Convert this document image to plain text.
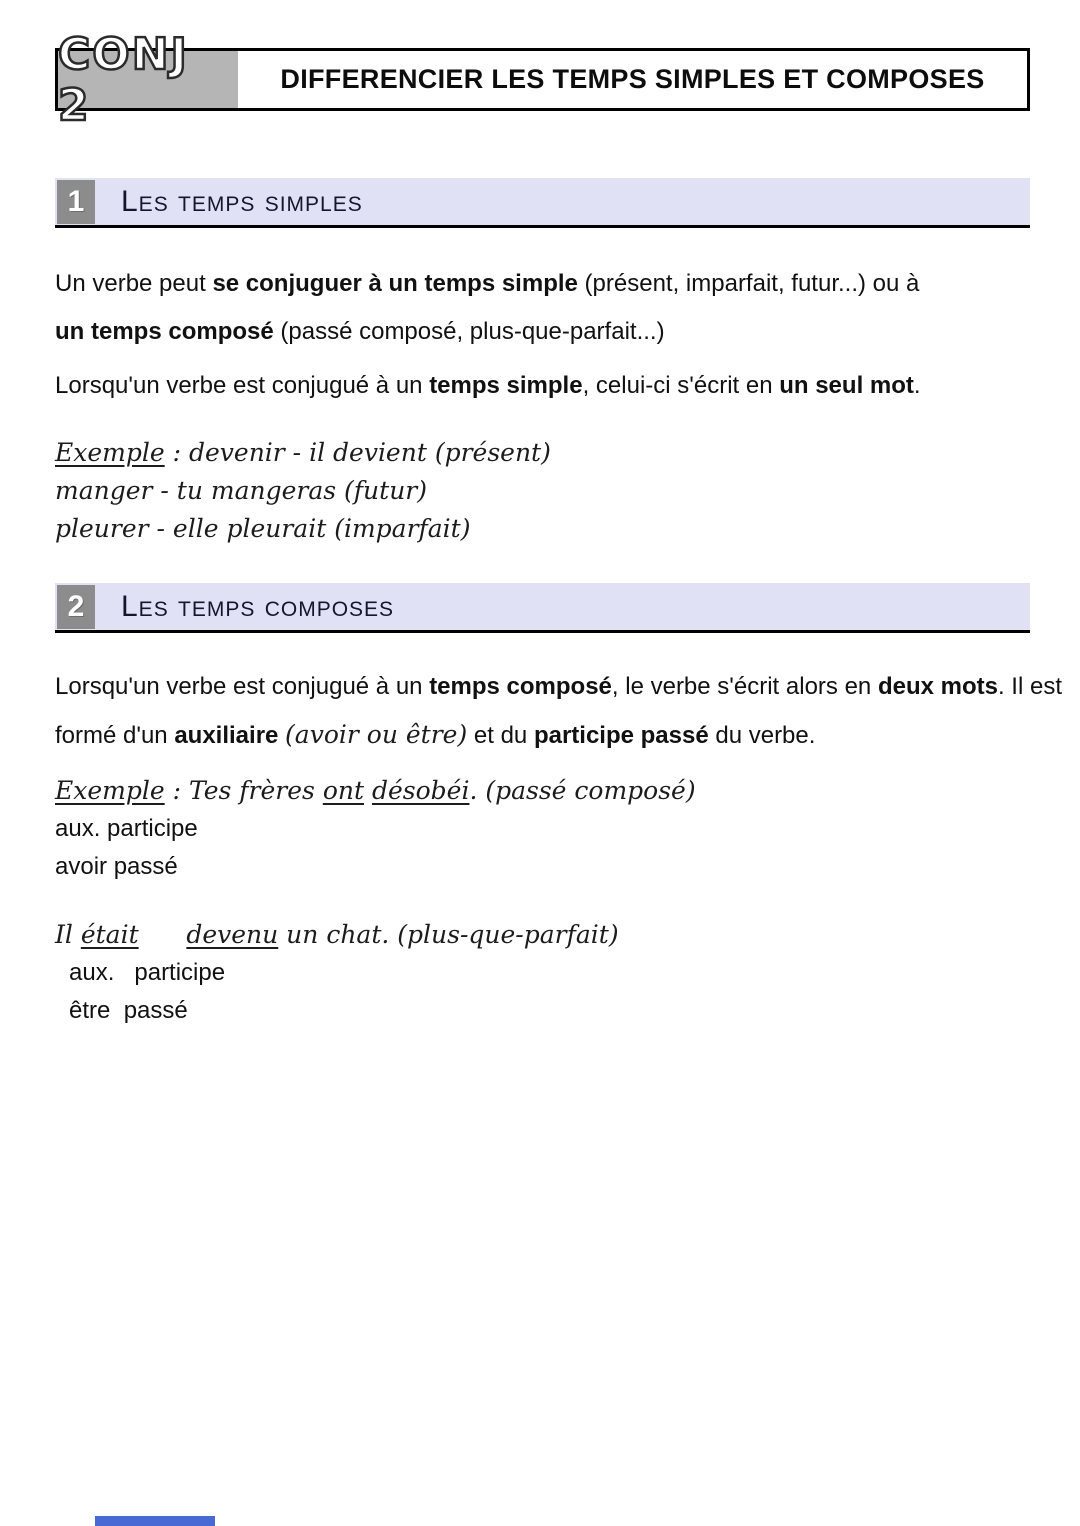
CONJ 2
DIFFERENCIER LES TEMPS SIMPLES ET COMPOSES
1	Les temps simples
Un verbe peut se conjuguer à un temps simple (présent, imparfait, futur...) ou à
un temps composé (passé composé, plus-que-parfait...)
Lorsqu'un verbe est conjugué à un temps simple, celui-ci s'écrit en un seul mot.
Exemple : devenir - il devient (présent)
manger - tu mangeras (futur)
pleurer - elle pleurait (imparfait)
2	Les temps composes
Lorsqu'un verbe est conjugué à un temps composé, le verbe s'écrit alors en deux mots. Il est
formé d'un auxiliaire (avoir ou être) et du participe passé du verbe.
Exemple : Tes frères ont désobéi. (passé composé)
aux. participe
avoir passé
Il était devenu un chat. (plus-que-parfait)
aux.   participe
être  passé
